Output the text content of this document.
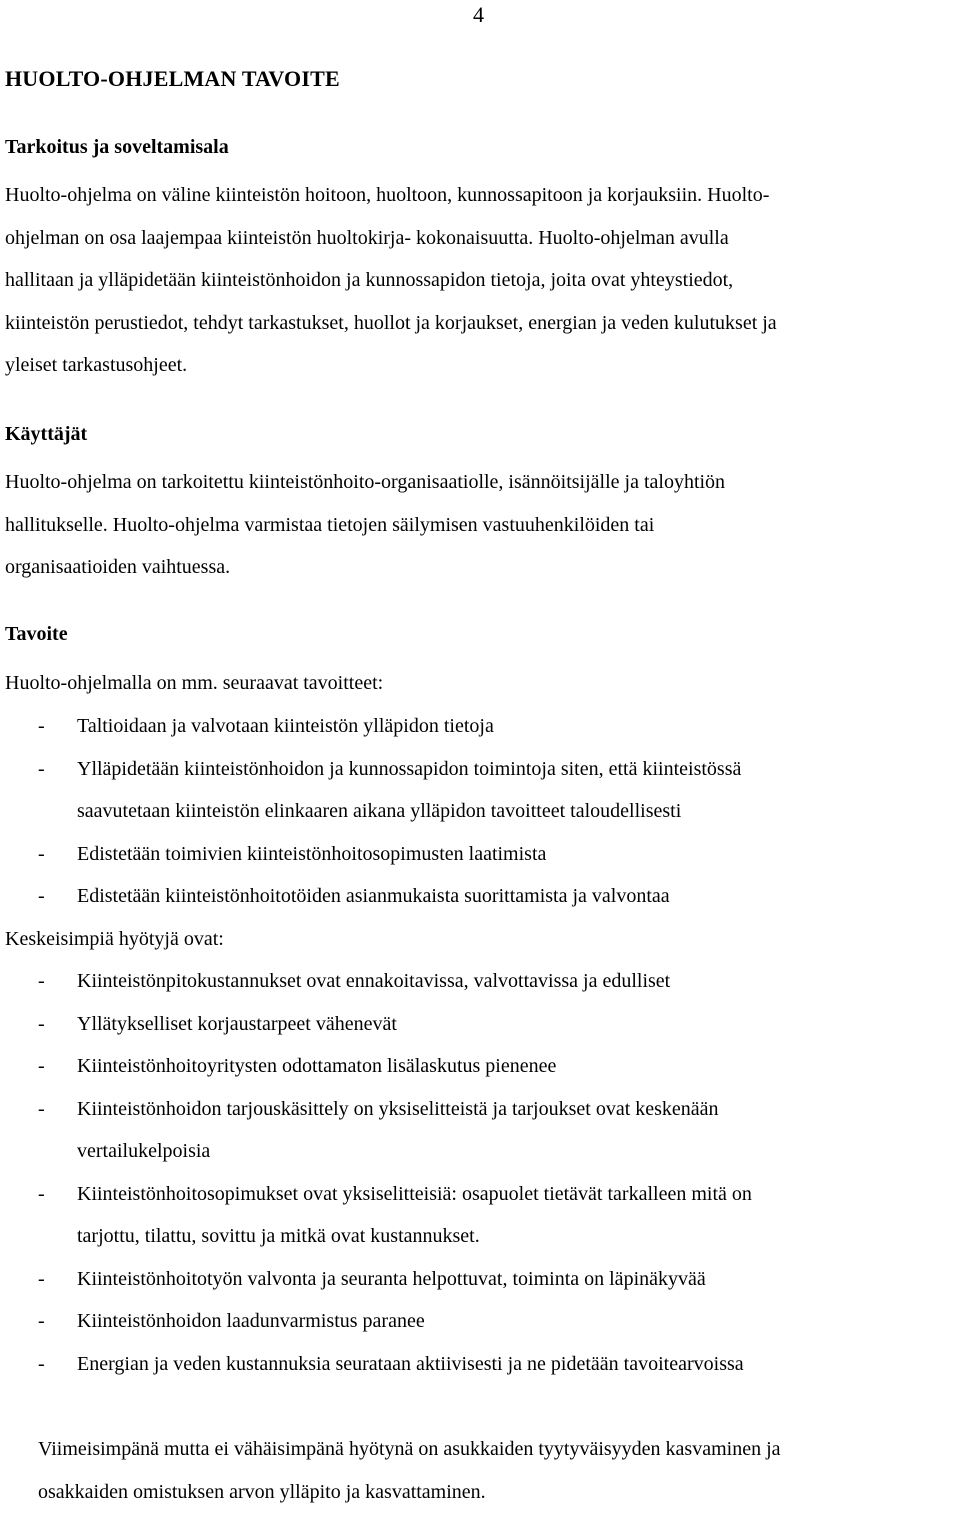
4
HUOLTO-OHJELMAN TAVOITE
Tarkoitus ja soveltamisala

Huolto-ohjelma on väline kiinteistön hoitoon, huoltoon, kunnossapitoon ja korjauksiin. Huolto-
ohjelman on osa laajempaa kiinteistön huoltokirja- kokonaisuutta. Huolto-ohjelman avulla
hallitaan ja ylläpidetään kiinteistönhoidon ja kunnossapidon tietoja, joita ovat yhteystiedot,
kiinteistön perustiedot, tehdyt tarkastukset, huollot ja korjaukset, energian ja veden kulutukset ja
yleiset tarkastusohjeet.

Käyttäjät

Huolto-ohjelma on tarkoitettu kiinteistönhoito-organisaatiolle, isännöitsijälle ja taloyhtiön
hallitukselle. Huolto-ohjelma varmistaa tietojen säilymisen vastuuhenkilöiden tai
organisaatioiden vaihtuessa.

Tavoite

Huolto-ohjelmalla on mm. seuraavat tavoitteet:

- Taltioidaan ja valvotaan kiinteistön ylläpidon tietoja
- Ylläpidetään kiinteistönhoidon ja kunnossapidon toimintoja siten, että kiinteistössä
saavutetaan kiinteistön elinkaaren aikana ylläpidon tavoitteet taloudellisesti
- Edistetään toimivien kiinteistönhoitosopimusten laatimista
- Edistetään kiinteistönhoitotöiden asianmukaista suorittamista ja valvontaa

Keskeisimpiä hyötyjä ovat:

- Kiinteistönpitokustannukset ovat ennakoitavissa, valvottavissa ja edulliset
- Yllätykselliset korjaustarpeet vähenevät
- Kiinteistönhoitoyritysten odottamaton lisälaskutus pienenee
- Kiinteistönhoidon tarjouskäsittely on yksiselitteistä ja tarjoukset ovat keskenään
vertailukelpoisia
- Kiinteistönhoitosopimukset ovat yksiselitteisiä: osapuolet tietävät tarkalleen mitä on
tarjottu, tilattu, sovittu ja mitkä ovat kustannukset.
- Kiinteistönhoitotyön valvonta ja seuranta helpottuvat, toiminta on läpinäkyvää
- Kiinteistönhoidon laadunvarmistus paranee
- Energian ja veden kustannuksia seurataan aktiivisesti ja ne pidetään tavoitearvoissa

Viimeisimpänä mutta ei vähäisimpänä hyötynä on asukkaiden tyytyväisyyden kasvaminen ja
osakkaiden omistuksen arvon ylläpito ja kasvattaminen.
